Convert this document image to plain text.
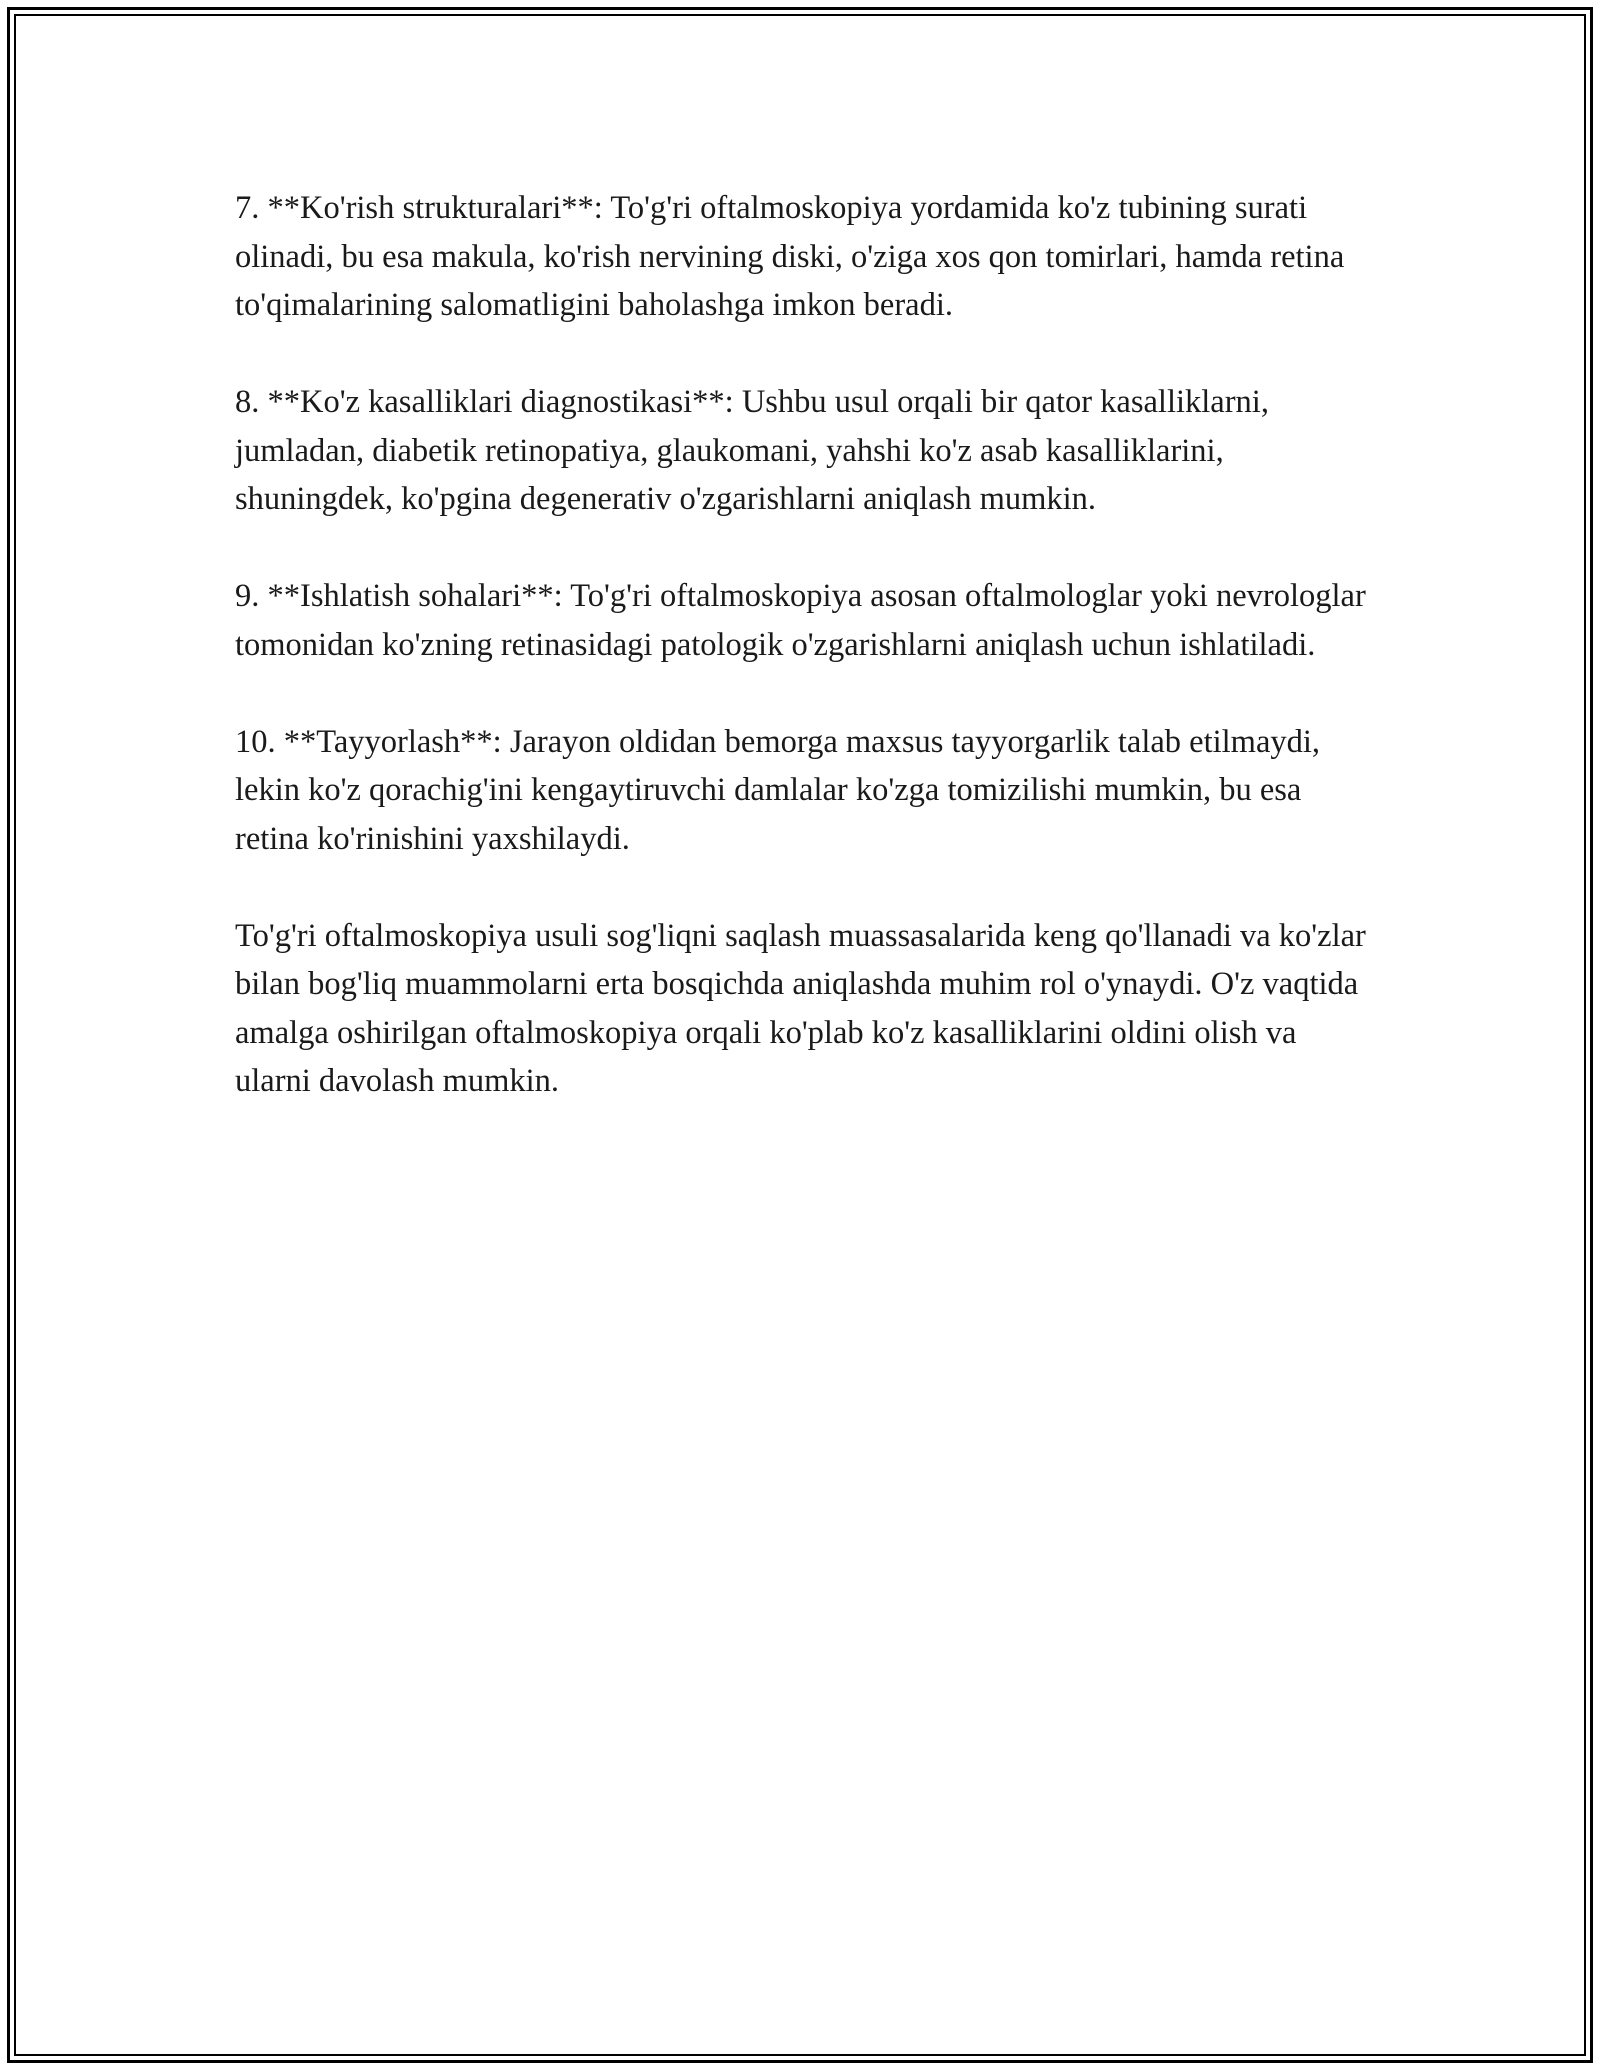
7. **Ko'rish strukturalari**: To'g'ri oftalmoskopiya yordamida ko'z tubining surati olinadi, bu esa makula, ko'rish nervining diski, o'ziga xos qon tomirlari, hamda retina to'qimalarining salomatligini baholashga imkon beradi.

8. **Ko'z kasalliklari diagnostikasi**: Ushbu usul orqali bir qator kasalliklarni, jumladan, diabetik retinopatiya, glaukomani, yahshi ko'z asab kasalliklarini, shuningdek, ko'pgina degenerativ o'zgarishlarni aniqlash mumkin.

9. **Ishlatish sohalari**: To'g'ri oftalmoskopiya asosan oftalmologlar yoki nevrologlar tomonidan ko'zning retinasidagi patologik o'zgarishlarni aniqlash uchun ishlatiladi.

10. **Tayyorlash**: Jarayon oldidan bemorga maxsus tayyorgarlik talab etilmaydi, lekin ko'z qorachig'ini kengaytiruvchi damlalar ko'zga tomizilishi mumkin, bu esa retina ko'rinishini yaxshilaydi.

To'g'ri oftalmoskopiya usuli sog'liqni saqlash muassasalarida keng qo'llanadi va ko'zlar bilan bog'liq muammolarni erta bosqichda aniqlashda muhim rol o'ynaydi. O'z vaqtida amalga oshirilgan oftalmoskopiya orqali ko'plab ko'z kasalliklarini oldini olish va ularni davolash mumkin.
